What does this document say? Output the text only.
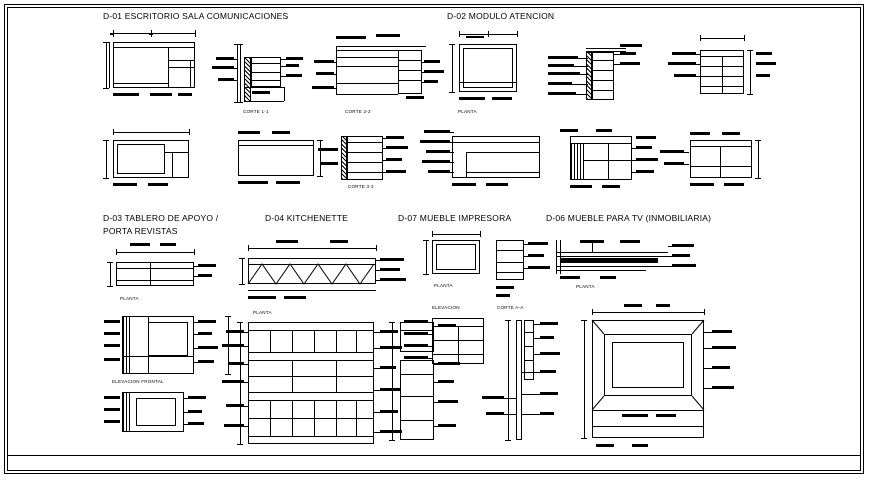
D-01 ESCRITORIO SALA COMUNICACIONES	D-02 MODULO ATENCION
D-03 TABLERO DE APOYO /
PORTA REVISTAS
D-04 KITCHENETTE	D-07 MUEBLE IMPRESORA	D-06 MUEBLE PARA TV (INMOBILIARIA)
CORTE 1-1	CORTE 2-2	PLANTA
CORTE 3-3
PLANTA
ELEVACION FRONTAL
PLANTA
PLANTA
ELEVACION	CORTE A-A
PLANTA
